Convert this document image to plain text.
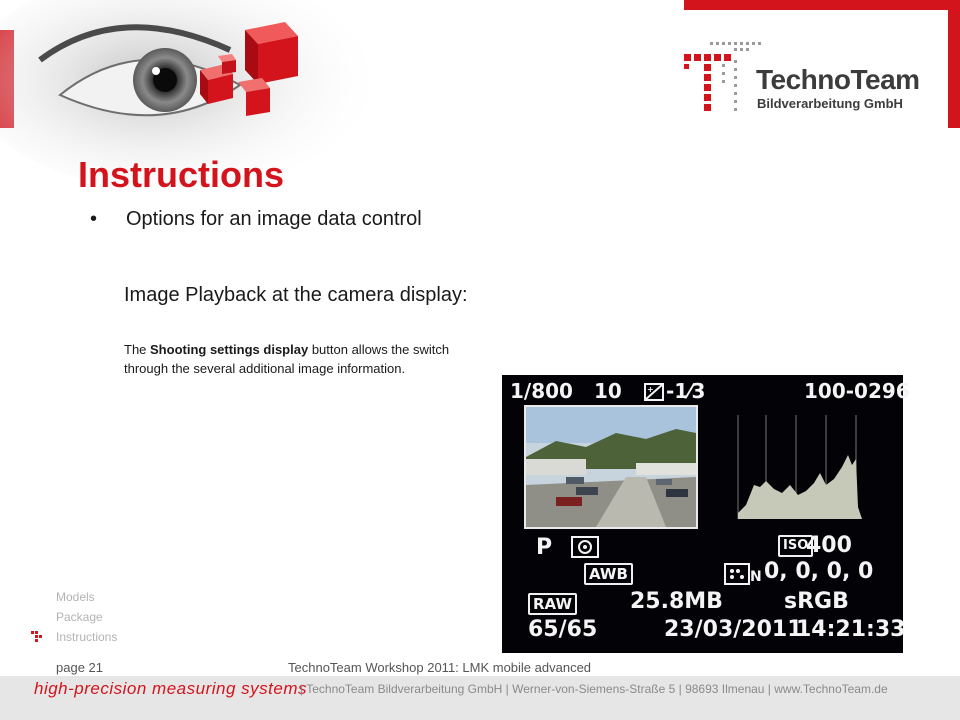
TechnoTeam
Bildverarbeitung GmbH
Instructions
• Options for an image data control
Image Playback at the camera display:
The Shooting settings display button allows the switch through the several additional image information.
1/800 10	+ -1⁄3	100-0296
P
AWB
ISO
400
N 0, 0, 0, 0
RAW	25.8MB	sRGB
65/65	23/03/2011
14:21:33
Models
Package
Instructions
page 21	TechnoTeam Workshop 2011: LMK mobile advanced
high-precision measuring systems
| TechnoTeam Bildverarbeitung GmbH | Werner-von-Siemens-Straße 5 | 98693 Ilmenau | www.TechnoTeam.de
